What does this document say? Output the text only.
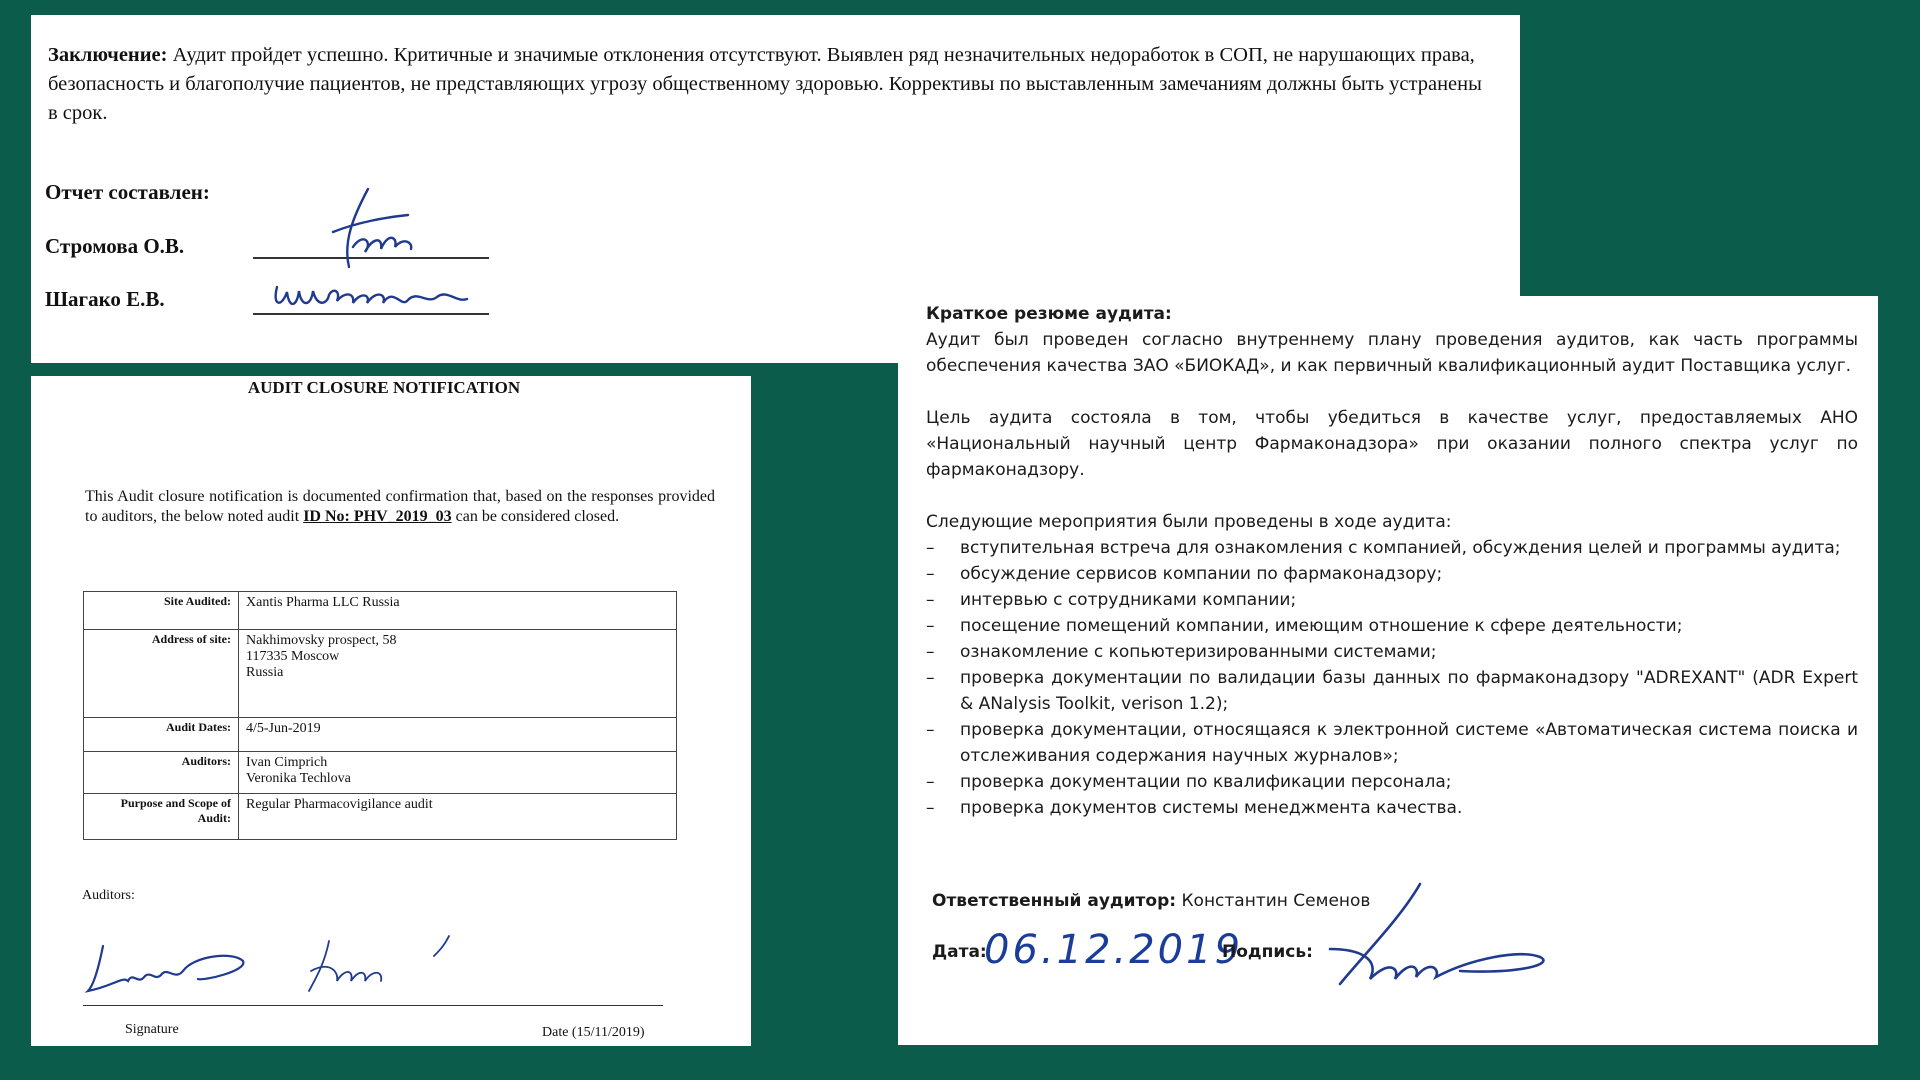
Заключение: Аудит пройдет успешно. Критичные и значимые отклонения отсутствуют. Выявлен ряд незначительных недоработок в СОП, не нарушающих права, безопасность и благополучие пациентов, не представляющих угрозу общественному здоровью. Коррективы по выставленным замечаниям должны быть устранены в срок.
Отчет составлен:
Стромова О.В.
Шагако Е.В.
AUDIT CLOSURE NOTIFICATION
This Audit closure notification is documented confirmation that, based on the responses provided to auditors, the below noted audit ID No: PHV_2019_03 can be considered closed.
Site Audited:	Xantis Pharma LLC Russia
Address of site:	Nakhimovsky prospect, 58
117335 Moscow
Russia

Audit Dates:	4/5-Jun-2019
Auditors:	Ivan Cimprich
Veronika Techlova

Purpose and Scope of Audit:	Regular Pharmacovigilance audit
Auditors:
Signature	Date (15/11/2019)
Краткое резюме аудита:

Аудит был проведен согласно внутреннему плану проведения аудитов, как часть программы обеспечения качества ЗАО «БИОКАД», и как первичный квалификационный аудит Поставщика услуг.

Цель аудита состояла в том, чтобы убедиться в качестве услуг, предоставляемых АНО «Национальный научный центр Фармаконадзора» при оказании полного спектра услуг по фармаконадзору.

Следующие мероприятия были проведены в ходе аудита:
– вступительная встреча для ознакомления с компанией, обсуждения целей и программы аудита;
– обсуждение сервисов компании по фармаконадзору;
– интервью с сотрудниками компании;
– посещение помещений компании, имеющим отношение к сфере деятельности;
– ознакомление с копьютеризированными системами;
– проверка документации по валидации базы данных по фармаконадзору "ADREXANT" (ADR Expert & ANalysis Toolkit, verison 1.2);
– проверка документации, относящаяся к электронной системе «Автоматическая система поиска и отслеживания содержания научных журналов»;
– проверка документации по квалификации персонала;
– проверка документов системы менеджмента качества.
Ответственный аудитор: Константин Семенов
Дата:
06.12.2019
Подпись:
